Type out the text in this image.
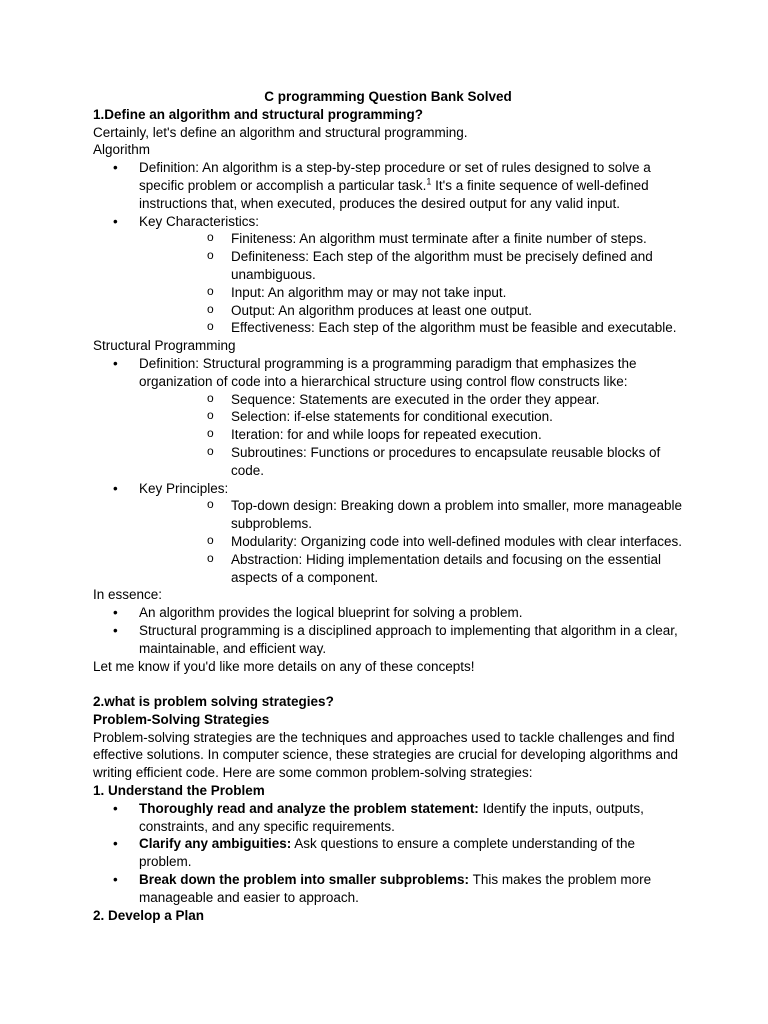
C programming Question Bank Solved

1.Define an algorithm and structural programming?

Certainly, let's define an algorithm and structural programming.

Algorithm

• Definition: An algorithm is a step-by-step procedure or set of rules designed to solve a specific problem or accomplish a particular task.$^1$ It's a finite sequence of well-defined instructions that, when executed, produces the desired output for any valid input.
• Key Characteristics:
o Finiteness: An algorithm must terminate after a finite number of steps.
o Definiteness: Each step of the algorithm must be precisely defined and unambiguous.
o Input: An algorithm may or may not take input.
o Output: An algorithm produces at least one output.
o Effectiveness: Each step of the algorithm must be feasible and executable.

Structural Programming

• Definition: Structural programming is a programming paradigm that emphasizes the organization of code into a hierarchical structure using control flow constructs like:
o Sequence: Statements are executed in the order they appear.
o Selection: if-else statements for conditional execution.
o Iteration: for and while loops for repeated execution.
o Subroutines: Functions or procedures to encapsulate reusable blocks of code.
• Key Principles:
o Top-down design: Breaking down a problem into smaller, more manageable subproblems.
o Modularity: Organizing code into well-defined modules with clear interfaces.
o Abstraction: Hiding implementation details and focusing on the essential aspects of a component.

In essence:

• An algorithm provides the logical blueprint for solving a problem.
• Structural programming is a disciplined approach to implementing that algorithm in a clear, maintainable, and efficient way.

Let me know if you'd like more details on any of these concepts!

2.what is problem solving strategies?

Problem-Solving Strategies

Problem-solving strategies are the techniques and approaches used to tackle challenges and find effective solutions. In computer science, these strategies are crucial for developing algorithms and writing efficient code. Here are some common problem-solving strategies:

1. Understand the Problem

• Thoroughly read and analyze the problem statement: Identify the inputs, outputs, constraints, and any specific requirements.
• Clarify any ambiguities: Ask questions to ensure a complete understanding of the problem.
• Break down the problem into smaller subproblems: This makes the problem more manageable and easier to approach.

2. Develop a Plan
